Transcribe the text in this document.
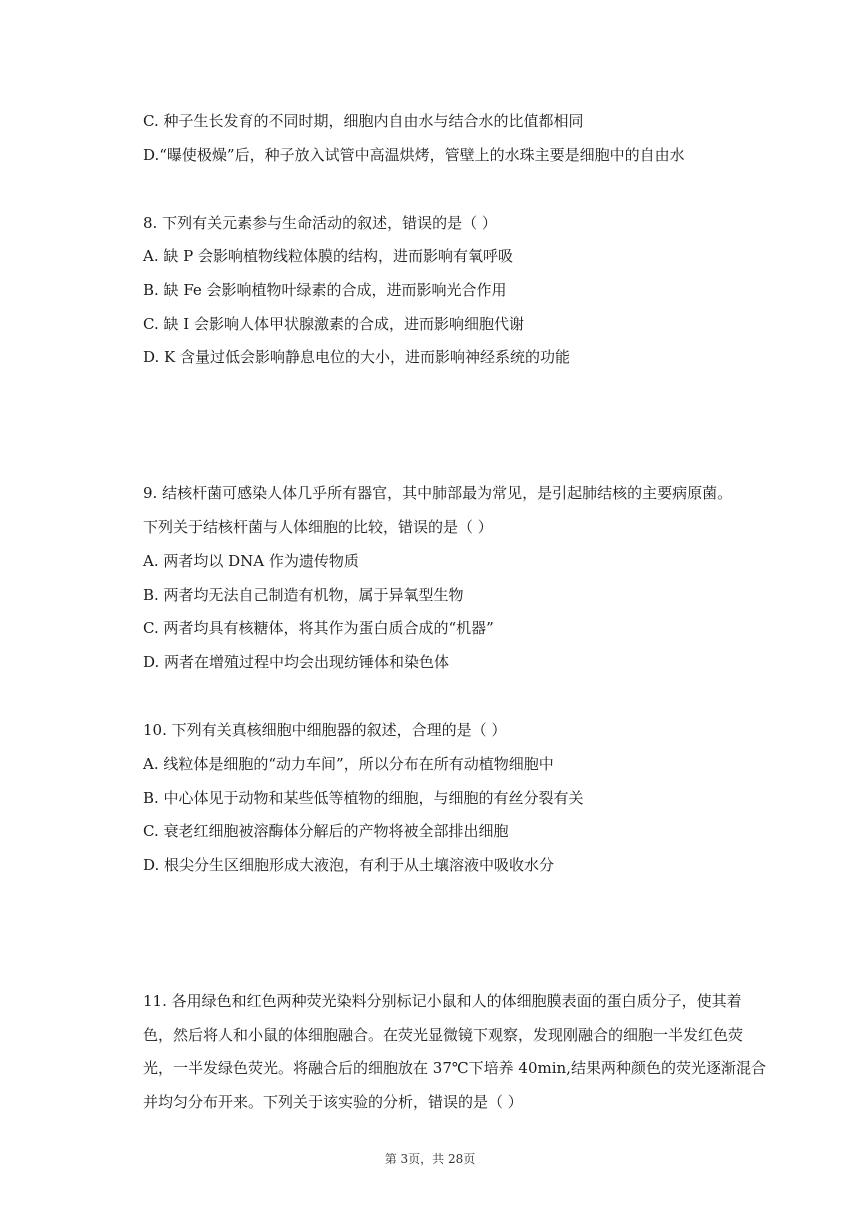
C. 种子生长发育的不同时期，细胞内自由水与结合水的比值都相同
D.“曝使极燥”后，种子放入试管中高温烘烤，管壁上的水珠主要是细胞中的自由水
8. 下列有关元素参与生命活动的叙述，错误的是（ ）
A. 缺 P 会影响植物线粒体膜的结构，进而影响有氧呼吸
B. 缺 Fe 会影响植物叶绿素的合成，进而影响光合作用
C. 缺 I 会影响人体甲状腺激素的合成，进而影响细胞代谢
D. K 含量过低会影响静息电位的大小，进而影响神经系统的功能
9. 结核杆菌可感染人体几乎所有器官，其中肺部最为常见，是引起肺结核的主要病原菌。
下列关于结核杆菌与人体细胞的比较，错误的是（ ）
A. 两者均以 DNA 作为遗传物质
B. 两者均无法自己制造有机物，属于异氧型生物
C. 两者均具有核糖体，将其作为蛋白质合成的“机器”
D. 两者在增殖过程中均会出现纺锤体和染色体
10. 下列有关真核细胞中细胞器的叙述，合理的是（ ）
A. 线粒体是细胞的“动力车间”，所以分布在所有动植物细胞中
B. 中心体见于动物和某些低等植物的细胞，与细胞的有丝分裂有关
C. 衰老红细胞被溶酶体分解后的产物将被全部排出细胞
D. 根尖分生区细胞形成大液泡，有利于从土壤溶液中吸收水分
11. 各用绿色和红色两种荧光染料分别标记小鼠和人的体细胞膜表面的蛋白质分子，使其着
色，然后将人和小鼠的体细胞融合。在荧光显微镜下观察，发现刚融合的细胞一半发红色荧
光，一半发绿色荧光。将融合后的细胞放在 37℃下培养 40min,结果两种颜色的荧光逐渐混合
并均匀分布开来。下列关于该实验的分析，错误的是（ ）
第 3页，共 28页
